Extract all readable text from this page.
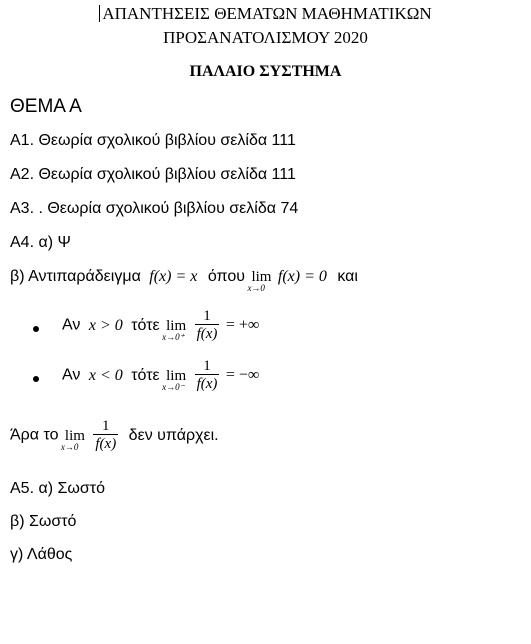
ΑΠΑΝΤΗΣΕΙΣ ΘΕΜΑΤΩΝ ΜΑΘΗΜΑΤΙΚΩΝ
ΠΡΟΣΑΝΑΤΟΛΙΣΜΟΥ 2020
ΠΑΛΑΙΟ ΣΥΣΤΗΜΑ
ΘΕΜΑ Α
Α1. Θεωρία σχολικού βιβλίου σελίδα 111
Α2. Θεωρία σχολικού βιβλίου σελίδα 111
Α3. . Θεωρία σχολικού βιβλίου σελίδα 74
Α4. α) Ψ
β) Αντιπαράδειγμα f(x) = x όπου lim
x→0
f(x) = 0 και
Αν x > 0 τότε lim
x→0⁺
$\frac{1}{f(x)}$ = +∞
Αν x < 0 τότε lim
x→0⁻
$\frac{1}{f(x)}$ = −∞
Άρα το lim
x→0
$\frac{1}{f(x)}$ δεν υπάρχει.
Α5. α) Σωστό
β) Σωστό
γ) Λάθος
